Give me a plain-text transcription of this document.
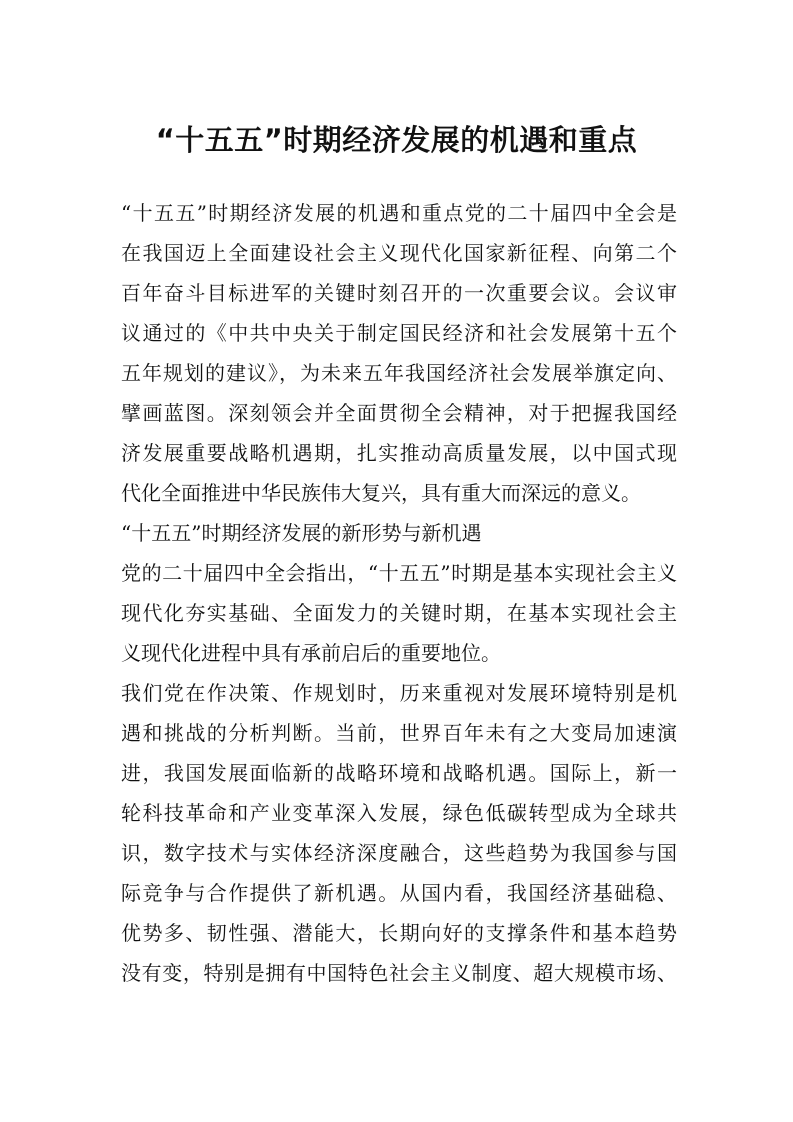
“十五五”时期经济发展的机遇和重点
“十五五”时期经济发展的机遇和重点党的二十届四中全会是
在我国迈上全面建设社会主义现代化国家新征程、向第二个
百年奋斗目标进军的关键时刻召开的一次重要会议。会议审
议通过的《中共中央关于制定国民经济和社会发展第十五个
五年规划的建议》，为未来五年我国经济社会发展举旗定向、
擘画蓝图。深刻领会并全面贯彻全会精神，对于把握我国经
济发展重要战略机遇期，扎实推动高质量发展，以中国式现
代化全面推进中华民族伟大复兴，具有重大而深远的意义。
“十五五”时期经济发展的新形势与新机遇
党的二十届四中全会指出，“十五五”时期是基本实现社会主义
现代化夯实基础、全面发力的关键时期，在基本实现社会主
义现代化进程中具有承前启后的重要地位。
我们党在作决策、作规划时，历来重视对发展环境特别是机
遇和挑战的分析判断。当前，世界百年未有之大变局加速演
进，我国发展面临新的战略环境和战略机遇。国际上，新一
轮科技革命和产业变革深入发展，绿色低碳转型成为全球共
识，数字技术与实体经济深度融合，这些趋势为我国参与国
际竞争与合作提供了新机遇。从国内看，我国经济基础稳、
优势多、韧性强、潜能大，长期向好的支撑条件和基本趋势
没有变，特别是拥有中国特色社会主义制度、超大规模市场、
